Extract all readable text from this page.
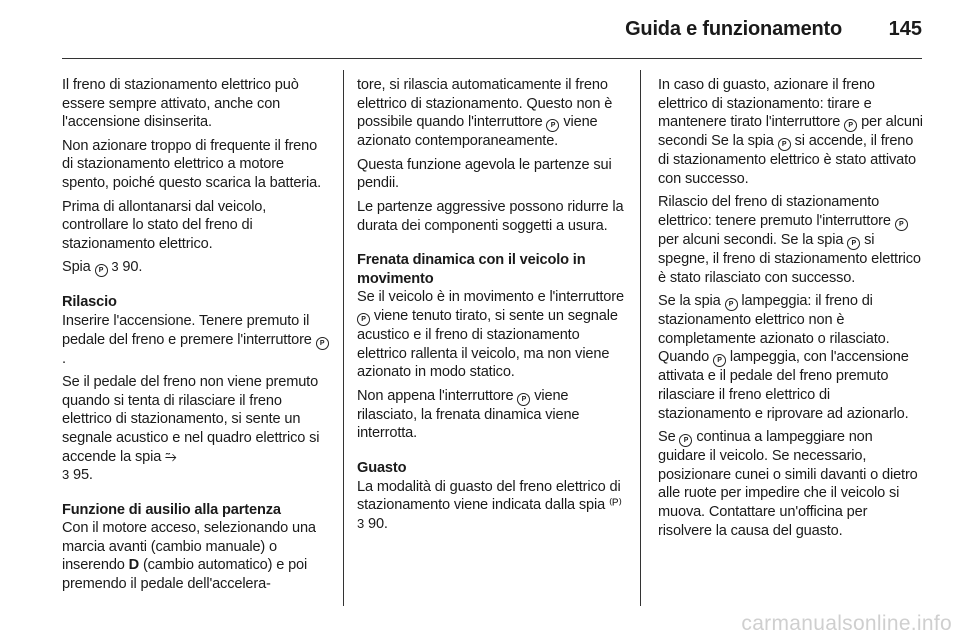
Guida e funzionamento 145

Il freno di stazionamento elettrico può essere sempre attivato, anche con l'accensione disinserita.

Non azionare troppo di frequente il freno di stazionamento elettrico a motore spento, poiché questo scarica la batteria.

Prima di allontanarsi dal veicolo, controllare lo stato del freno di stazionamento elettrico.

Spia P 3 90.

Rilascio

Inserire l'accensione. Tenere premuto il pedale del freno e premere l'interruttore P.

Se il pedale del freno non viene premuto quando si tenta di rilasciare il freno elettrico di stazionamento, si sente un segnale acustico e nel quadro elettrico si accende la spia ⥲
3 95.

Funzione di ausilio alla partenza

Con il motore acceso, selezionando una marcia avanti (cambio manuale) o inserendo D (cambio automatico) e poi premendo il pedale dell'accelera-

tore, si rilascia automaticamente il freno elettrico di stazionamento. Questo non è possibile quando l'interruttore P viene azionato contemporaneamente.

Questa funzione agevola le partenze sui pendii.

Le partenze aggressive possono ridurre la durata dei componenti soggetti a usura.

Frenata dinamica con il veicolo in movimento

Se il veicolo è in movimento e l'interruttore P viene tenuto tirato, si sente un segnale acustico e il freno di stazionamento elettrico rallenta il veicolo, ma non viene azionato in modo statico.

Non appena l'interruttore P viene rilasciato, la frenata dinamica viene interrotta.

Guasto

La modalità di guasto del freno elettrico di stazionamento viene indicata dalla spia ⁽ᴾ⁾ 3 90.

In caso di guasto, azionare il freno elettrico di stazionamento: tirare e mantenere tirato l'interruttore P per alcuni secondi Se la spia P si accende, il freno di stazionamento elettrico è stato attivato con successo.

Rilascio del freno di stazionamento elettrico: tenere premuto l'interruttore P per alcuni secondi. Se la spia P si spegne, il freno di stazionamento elettrico è stato rilasciato con successo.

Se la spia P lampeggia: il freno di stazionamento elettrico non è completamente azionato o rilasciato. Quando P lampeggia, con l'accensione attivata e il pedale del freno premuto rilasciare il freno elettrico di stazionamento e riprovare ad azionarlo.

Se P continua a lampeggiare non guidare il veicolo. Se necessario, posizionare cunei o simili davanti o dietro alle ruote per impedire che il veicolo si muova. Contattare un'officina per risolvere la causa del guasto.

carmanualsonline.info
